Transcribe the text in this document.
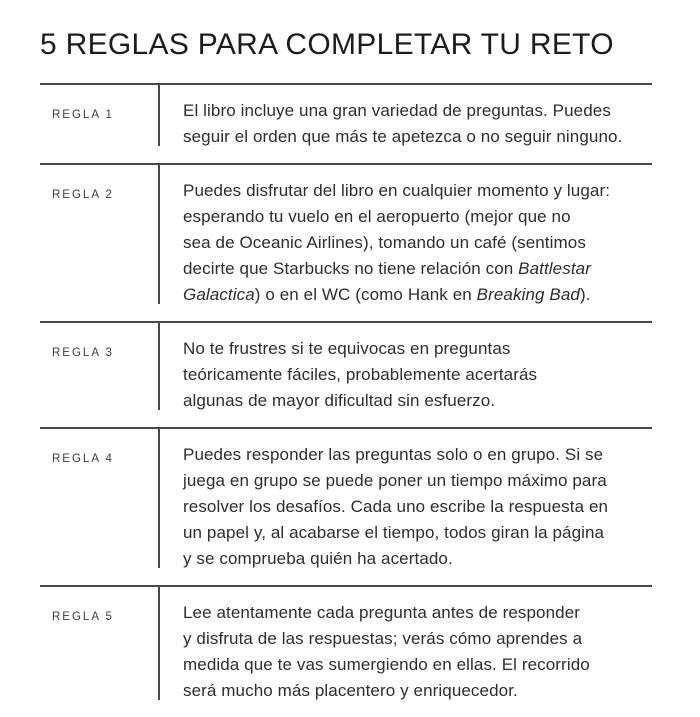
5 REGLAS PARA COMPLETAR TU RETO
REGLA 1	El libro incluye una gran variedad de preguntas. Puedes
seguir el orden que más te apetezca o no seguir ninguno.
REGLA 2	Puedes disfrutar del libro en cualquier momento y lugar:
esperando tu vuelo en el aeropuerto (mejor que no
sea de Oceanic Airlines), tomando un café (sentimos
decirte que Starbucks no tiene relación con Battlestar
Galactica) o en el WC (como Hank en Breaking Bad).
REGLA 3	No te frustres si te equivocas en preguntas
teóricamente fáciles, probablemente acertarás
algunas de mayor dificultad sin esfuerzo.
REGLA 4	Puedes responder las preguntas solo o en grupo. Si se
juega en grupo se puede poner un tiempo máximo para
resolver los desafíos. Cada uno escribe la respuesta en
un papel y, al acabarse el tiempo, todos giran la página
y se comprueba quién ha acertado.
REGLA 5	Lee atentamente cada pregunta antes de responder
y disfruta de las respuestas; verás cómo aprendes a
medida que te vas sumergiendo en ellas. El recorrido
será mucho más placentero y enriquecedor.
